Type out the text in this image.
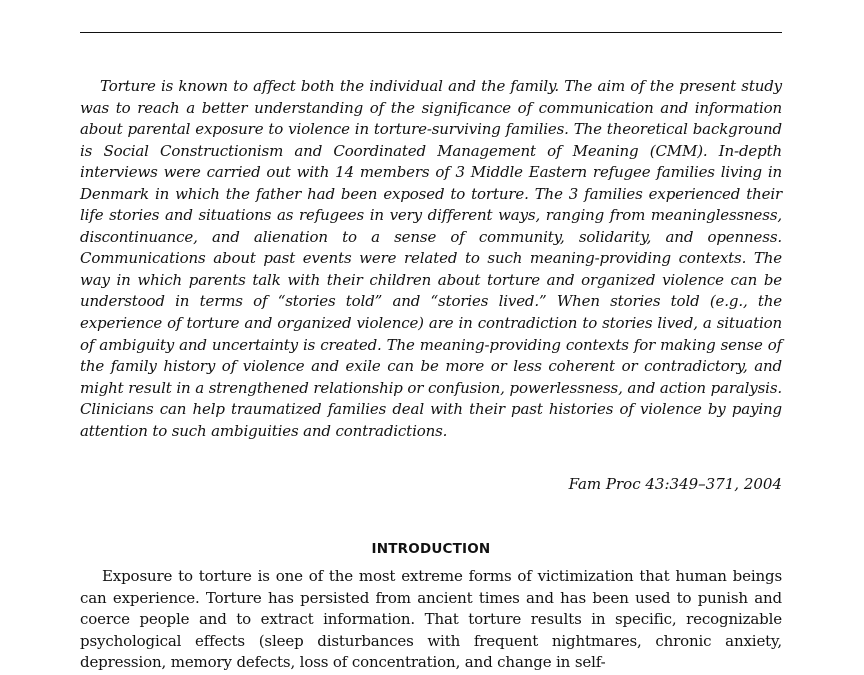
Torture is known to affect both the individual and the family. The aim of the present study was to reach a better understanding of the significance of communication and information about parental exposure to violence in torture-surviving families. The theoretical background is Social Constructionism and Coordinated Management of Meaning (CMM). In-depth interviews were carried out with 14 members of 3 Middle Eastern refugee families living in Denmark in which the father had been exposed to torture. The 3 families experienced their life stories and situations as refugees in very different ways, ranging from meaninglessness, discontinuance, and alienation to a sense of community, solidarity, and openness. Communications about past events were related to such meaning-providing contexts. The way in which parents talk with their children about torture and organized violence can be understood in terms of “stories told” and “stories lived.” When stories told (e.g., the experience of torture and organized violence) are in contradiction to stories lived, a situation of ambiguity and uncertainty is created. The meaning-providing contexts for making sense of the family history of violence and exile can be more or less coherent or contradictory, and might result in a strengthened relationship or confusion, powerlessness, and action paralysis. Clinicians can help traumatized families deal with their past histories of violence by paying attention to such ambiguities and contradictions.

Fam Proc 43:349–371, 2004

INTRODUCTION

Exposure to torture is one of the most extreme forms of victimization that human beings can experience. Torture has persisted from ancient times and has been used to punish and coerce people and to extract information. That torture results in specific, recognizable psychological effects (sleep disturbances with frequent nightmares, chronic anxiety, depression, memory defects, loss of concentration, and change in self-
